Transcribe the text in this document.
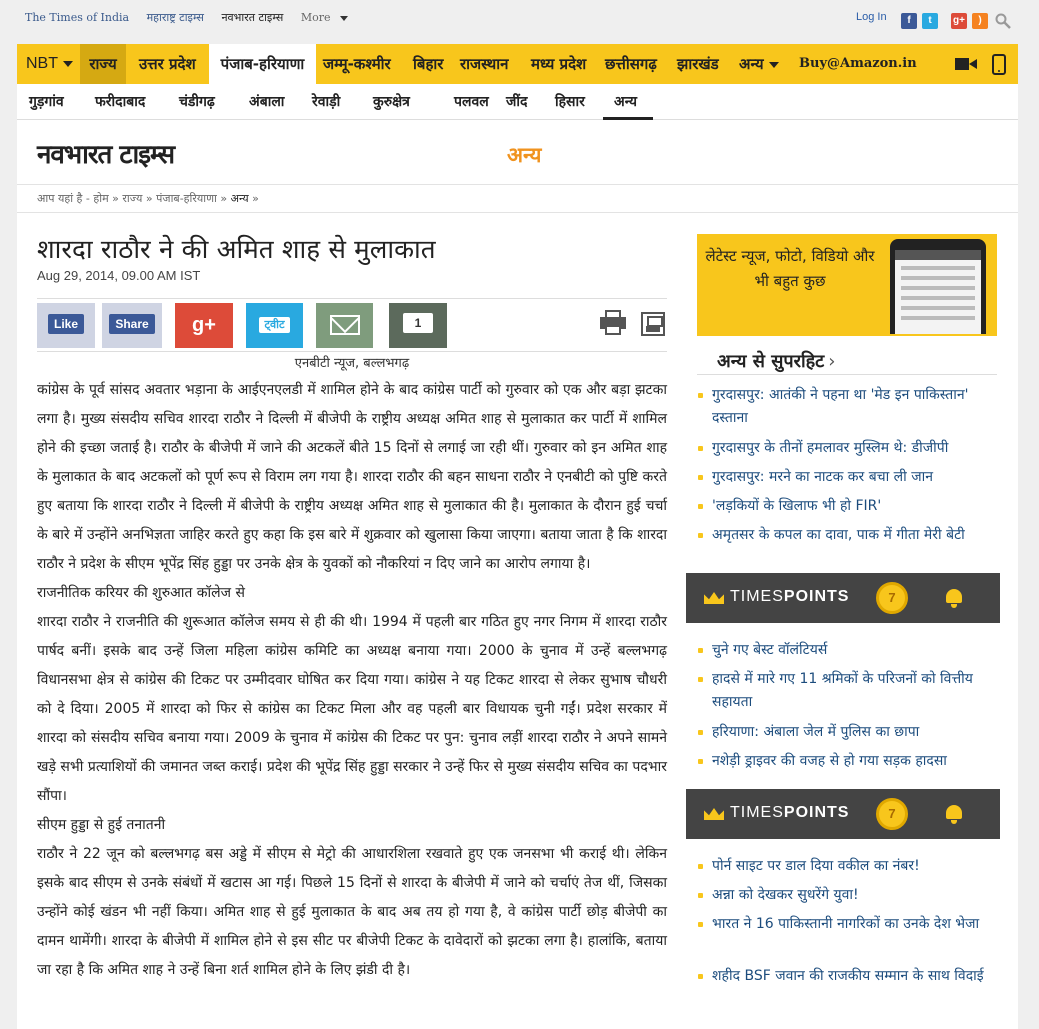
The Times of India महाराष्ट्र टाइम्स नवभारत टाइम्स More	Log In	f	t	g+	)
NBT	राज्य	उत्तर प्रदेश	पंजाब-हरियाणा	जम्मू-कश्मीर बिहार राजस्थान मध्य प्रदेश छत्तीसगढ़ झारखंड अन्य	Buy@Amazon.in
गुड़गांव फरीदाबाद चंडीगढ़ अंबाला रेवाड़ी कुरुक्षेत्र	पलवल जींद हिसार अन्य
नवभारत टाइम्स	अन्य
आप यहां है - होम » राज्य » पंजाब-हरियाणा » अन्य »
शारदा राठौर ने की अमित शाह से मुलाकात
Aug 29, 2014, 09.00 AM IST
Like	Share	g+	ट्वीट	1
एनबीटी न्यूज, बल्लभगढ़

कांग्रेस के पूर्व सांसद अवतार भड़ाना के आईएनएलडी में शामिल होने के बाद कांग्रेस पार्टी को गुरुवार को एक और बड़ा झटका लगा है। मुख्य संसदीय सचिव शारदा राठौर ने दिल्ली में बीजेपी के राष्ट्रीय अध्यक्ष अमित शाह से मुलाकात कर पार्टी में शामिल होने की इच्छा जताई है। राठौर के बीजेपी में जाने की अटकलें बीते 15 दिनों से लगाई जा रही थीं। गुरुवार को इन अमित शाह के मुलाकात के बाद अटकलों को पूर्ण रूप से विराम लग गया है। शारदा राठौर की बहन साधना राठौर ने एनबीटी को पुष्टि करते हुए बताया कि शारदा राठौर ने दिल्ली में बीजेपी के राष्ट्रीय अध्यक्ष अमित शाह से मुलाकात की है। मुलाकात के दौरान हुई चर्चा के बारे में उन्होंने अनभिज्ञता जाहिर करते हुए कहा कि इस बारे में शुक्रवार को खुलासा किया जाएगा। बताया जाता है कि शारदा राठौर ने प्रदेश के सीएम भूपेंद्र सिंह हुड्डा पर उनके क्षेत्र के युवकों को नौकरियां न दिए जाने का आरोप लगाया है।

राजनीतिक करियर की शुरुआत कॉलेज से

शारदा राठौर ने राजनीति की शुरूआत कॉलेज समय से ही की थी। 1994 में पहली बार गठित हुए नगर निगम में शारदा राठौर पार्षद बनीं। इसके बाद उन्हें जिला महिला कांग्रेस कमिटि का अध्यक्ष बनाया गया। 2000 के चुनाव में उन्हें बल्लभगढ़ विधानसभा क्षेत्र से कांग्रेस की टिकट पर उम्मीदवार घोषित कर दिया गया। कांग्रेस ने यह टिकट शारदा से लेकर सुभाष चौधरी को दे दिया। 2005 में शारदा को फिर से कांग्रेस का टिकट मिला और वह पहली बार विधायक चुनी गईं। प्रदेश सरकार में शारदा को संसदीय सचिव बनाया गया। 2009 के चुनाव में कांग्रेस की टिकट पर पुन: चुनाव लड़ीं शारदा राठौर ने अपने सामने खड़े सभी प्रत्याशियों की जमानत जब्त कराई। प्रदेश की भूपेंद्र सिंह हुड्डा सरकार ने उन्हें फिर से मुख्य संसदीय सचिव का पदभार सौंपा।

सीएम हुड्डा से हुई तनातनी

राठौर ने 22 जून को बल्लभगढ़ बस अड्डे में सीएम से मेट्रो की आधारशिला रखवाते हुए एक जनसभा भी कराई थी। लेकिन इसके बाद सीएम से उनके संबंधों में खटास आ गई। पिछले 15 दिनों से शारदा के बीजेपी में जाने को चर्चाएं तेज थीं, जिसका उन्होंने कोई खंडन भी नहीं किया। अमित शाह से हुई मुलाकात के बाद अब तय हो गया है, वे कांग्रेस पार्टी छोड़ बीजेपी का दामन थामेंगी। शारदा के बीजेपी में शामिल होने से इस सीट पर बीजेपी टिकट के दावेदारों को झटका लगा है। हालांकि, बताया जा रहा है कि अमित शाह ने उन्हें बिना शर्त शामिल होने के लिए झंडी दी है।

लेटेस्ट न्यूज, फोटो, विडियो और भी बहुत कुछ
अन्य से सुपरहिट ›
गुरदासपुर: आतंकी ने पहना था 'मेड इन पाकिस्तान' दस्ताना
गुरदासपुर के तीनों हमलावर मुस्लिम थे: डीजीपी
गुरदासपुर: मरने का नाटक कर बचा ली जान
'लड़कियों के खिलाफ भी हो FIR'
अमृतसर के कपल का दावा, पाक में गीता मेरी बेटी
TIMESPOINTS	7
चुने गए बेस्ट वॉलंटियर्स
हादसे में मारे गए 11 श्रमिकों के परिजनों को वित्तीय सहायता
हरियाणा: अंबाला जेल में पुलिस का छापा
नशेड़ी ड्राइवर की वजह से हो गया सड़क हादसा
TIMESPOINTS	7
पोर्न साइट पर डाल दिया वकील का नंबर!
अन्ना को देखकर सुधरेंगे युवा!
भारत ने 16 पाकिस्तानी नागरिकों का उनके देश भेजा
शहीद BSF जवान की राजकीय सम्मान के साथ विदाई
